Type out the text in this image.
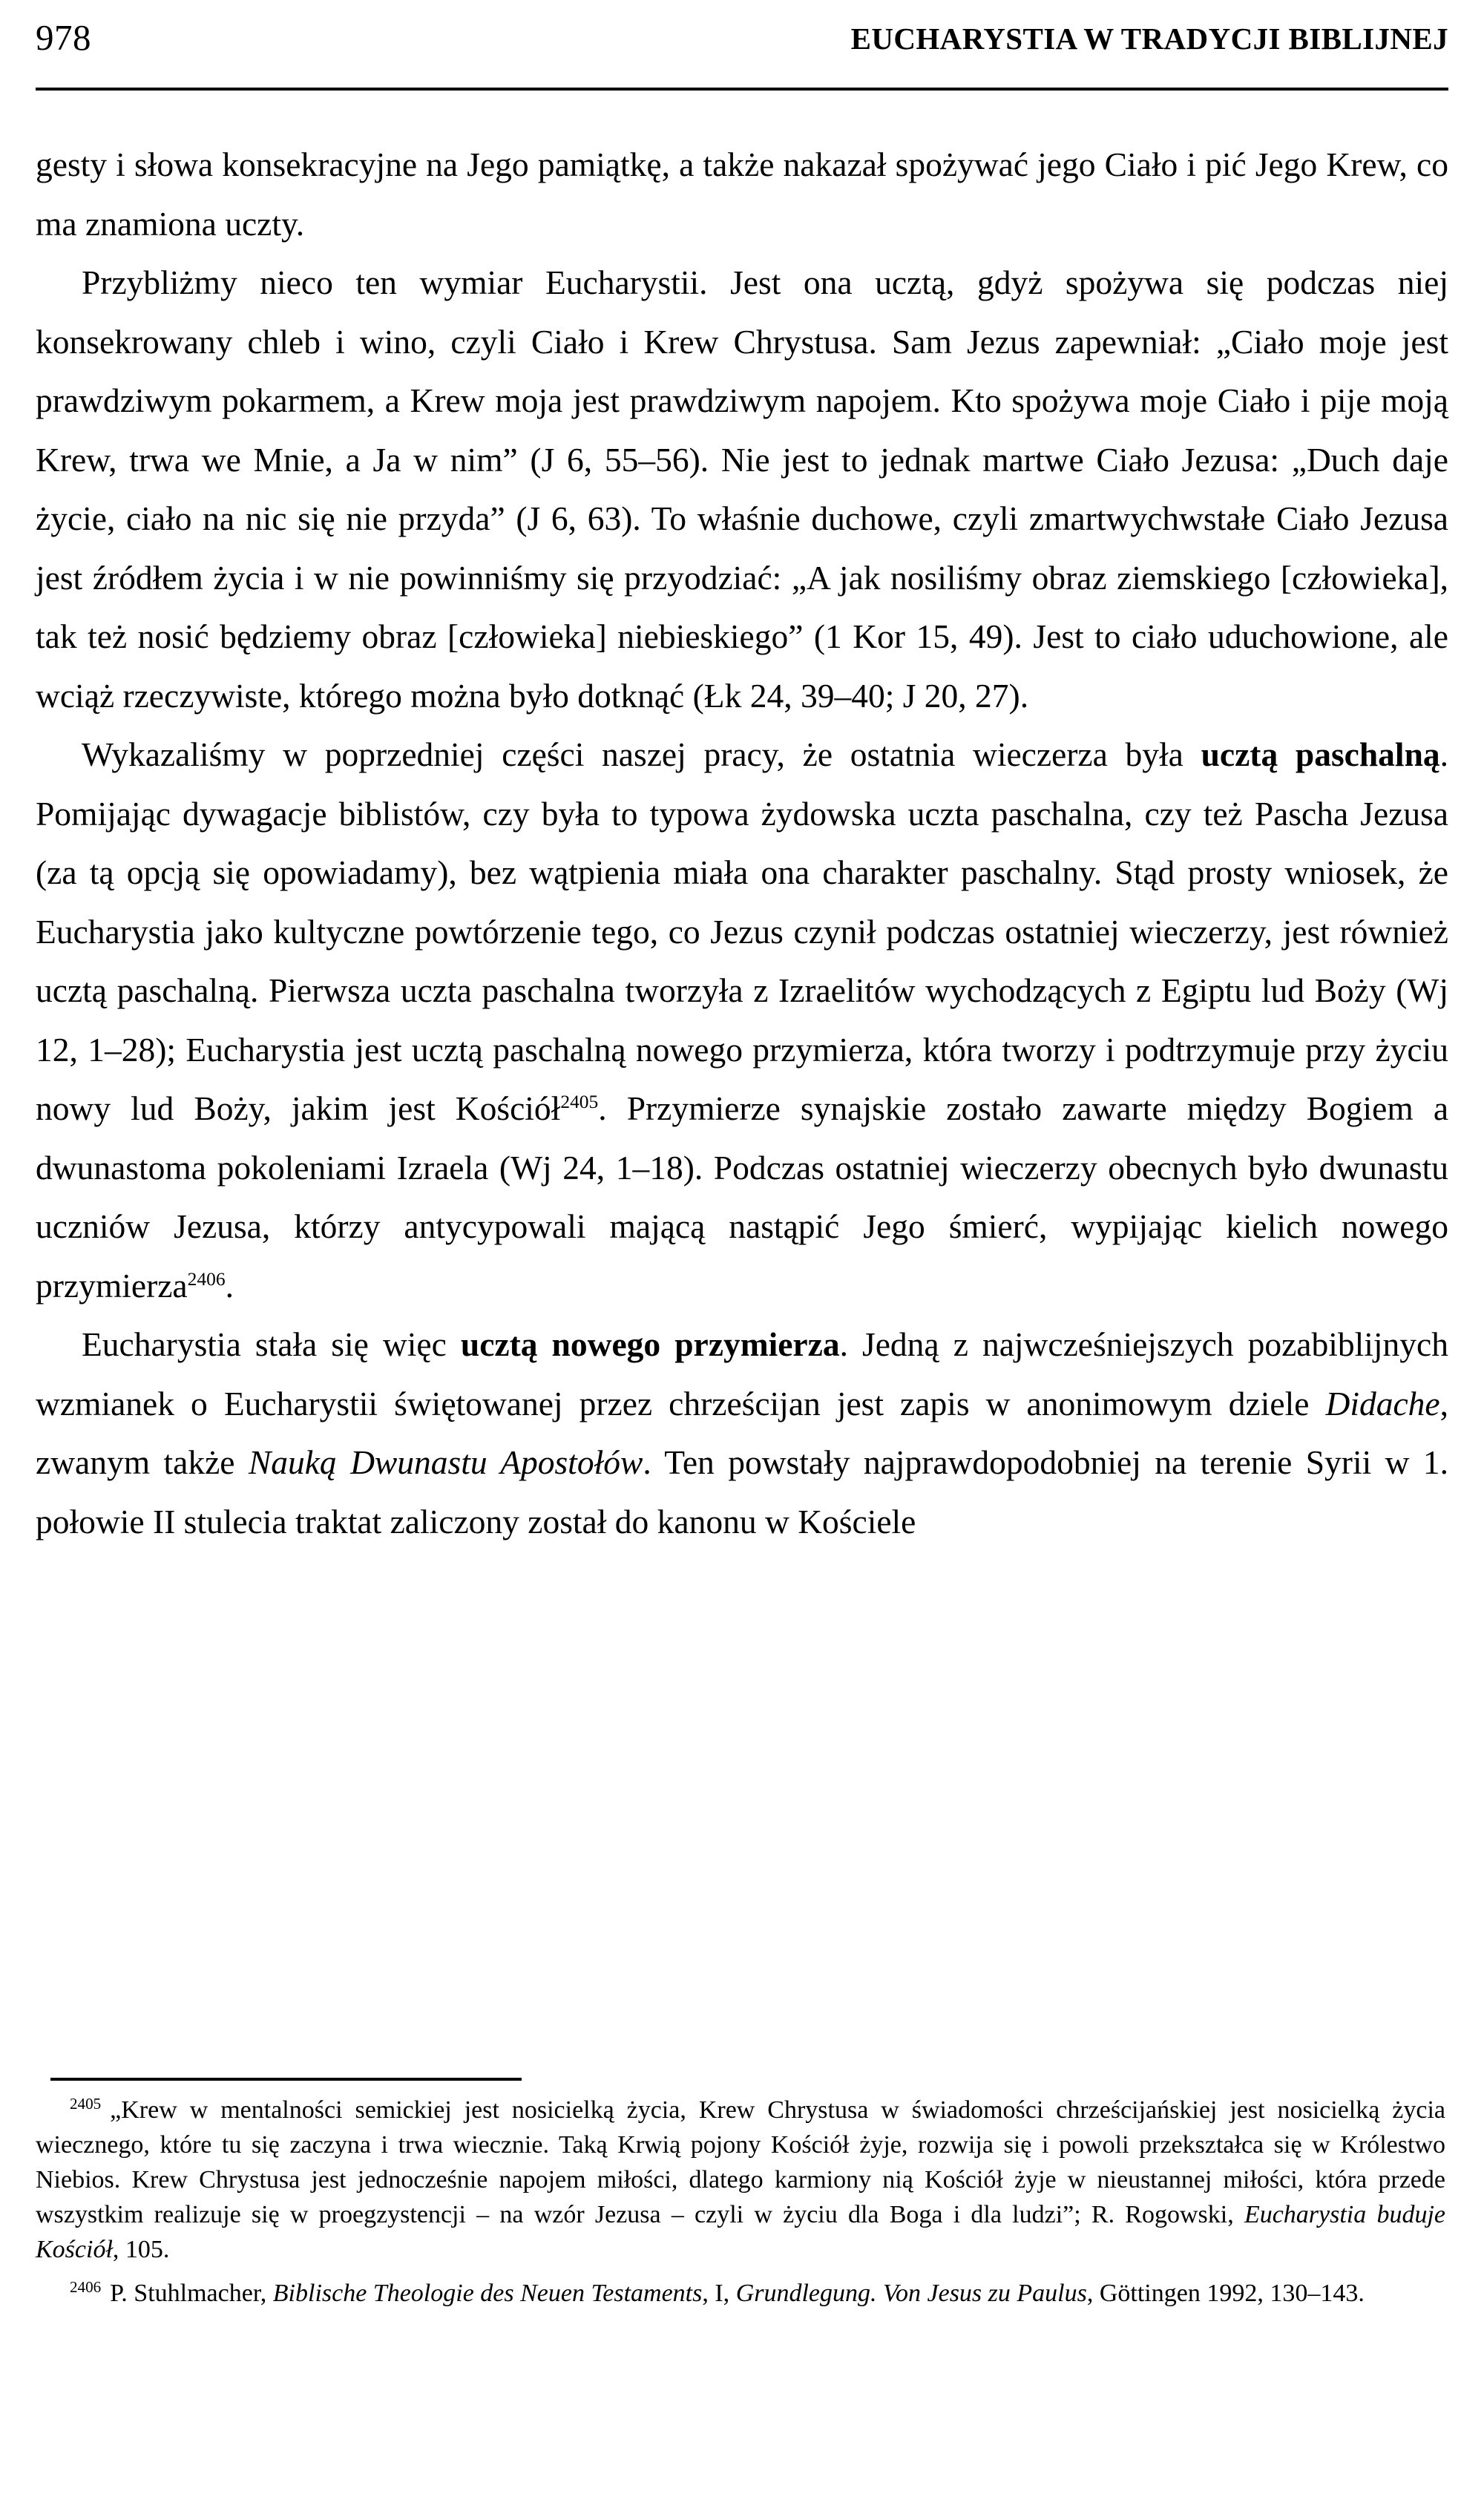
978	EUCHARYSTIA W TRADYCJI BIBLIJNEJ

gesty i słowa konsekracyjne na Jego pamiątkę, a także nakazał spożywać jego Ciało i pić Jego Krew, co ma znamiona uczty.

Przybliżmy nieco ten wymiar Eucharystii. Jest ona ucztą, gdyż spożywa się podczas niej konsekrowany chleb i wino, czyli Ciało i Krew Chrystusa. Sam Jezus zapewniał: „Ciało moje jest prawdziwym pokarmem, a Krew moja jest prawdziwym napojem. Kto spożywa moje Ciało i pije moją Krew, trwa we Mnie, a Ja w nim” (J 6, 55–56). Nie jest to jednak martwe Ciało Jezusa: „Duch daje życie, ciało na nic się nie przyda” (J 6, 63). To właśnie duchowe, czyli zmartwychwstałe Ciało Jezusa jest źródłem życia i w nie powinniśmy się przyodziać: „A jak nosiliśmy obraz ziemskiego [człowieka], tak też nosić będziemy obraz [człowieka] niebieskiego” (1 Kor 15, 49). Jest to ciało uduchowione, ale wciąż rzeczywiste, którego można było dotknąć (Łk 24, 39–40; J 20, 27).

Wykazaliśmy w poprzedniej części naszej pracy, że ostatnia wieczerza była ucztą paschalną. Pomijając dywagacje biblistów, czy była to typowa żydowska uczta paschalna, czy też Pascha Jezusa (za tą opcją się opowiadamy), bez wątpienia miała ona charakter paschalny. Stąd prosty wniosek, że Eucharystia jako kultyczne powtórzenie tego, co Jezus czynił podczas ostatniej wieczerzy, jest również ucztą paschalną. Pierwsza uczta paschalna tworzyła z Izraelitów wychodzących z Egiptu lud Boży (Wj 12, 1–28); Eucharystia jest ucztą paschalną nowego przymierza, która tworzy i podtrzymuje przy życiu nowy lud Boży, jakim jest Kościół$^{2405}$. Przymierze synajskie zostało zawarte między Bogiem a dwunastoma pokoleniami Izraela (Wj 24, 1–18). Podczas ostatniej wieczerzy obecnych było dwunastu uczniów Jezusa, którzy antycypowali mającą nastąpić Jego śmierć, wypijając kielich nowego przymierza$^{2406}$.

Eucharystia stała się więc ucztą nowego przymierza. Jedną z najwcześniejszych pozabiblijnych wzmianek o Eucharystii świętowanej przez chrześcijan jest zapis w anonimowym dziele Didache, zwanym także Nauką Dwunastu Apostołów. Ten powstały najprawdopodobniej na terenie Syrii w 1. połowie II stulecia traktat zaliczony został do kanonu w Kościele

$^{2405}$ „Krew w mentalności semickiej jest nosicielką życia, Krew Chrystusa w świadomości chrześcijańskiej jest nosicielką życia wiecznego, które tu się zaczyna i trwa wiecznie. Taką Krwią pojony Kościół żyje, rozwija się i powoli przekształca się w Królestwo Niebios. Krew Chrystusa jest jednocześnie napojem miłości, dlatego karmiony nią Kościół żyje w nieustannej miłości, która przede wszystkim realizuje się w proegzystencji – na wzór Jezusa – czyli w życiu dla Boga i dla ludzi”; R. Rogowski, Eucharystia buduje Kościół, 105.

$^{2406}$ P. Stuhlmacher, Biblische Theologie des Neuen Testaments, I, Grundlegung. Von Jesus zu Paulus, Göttingen 1992, 130–143.
